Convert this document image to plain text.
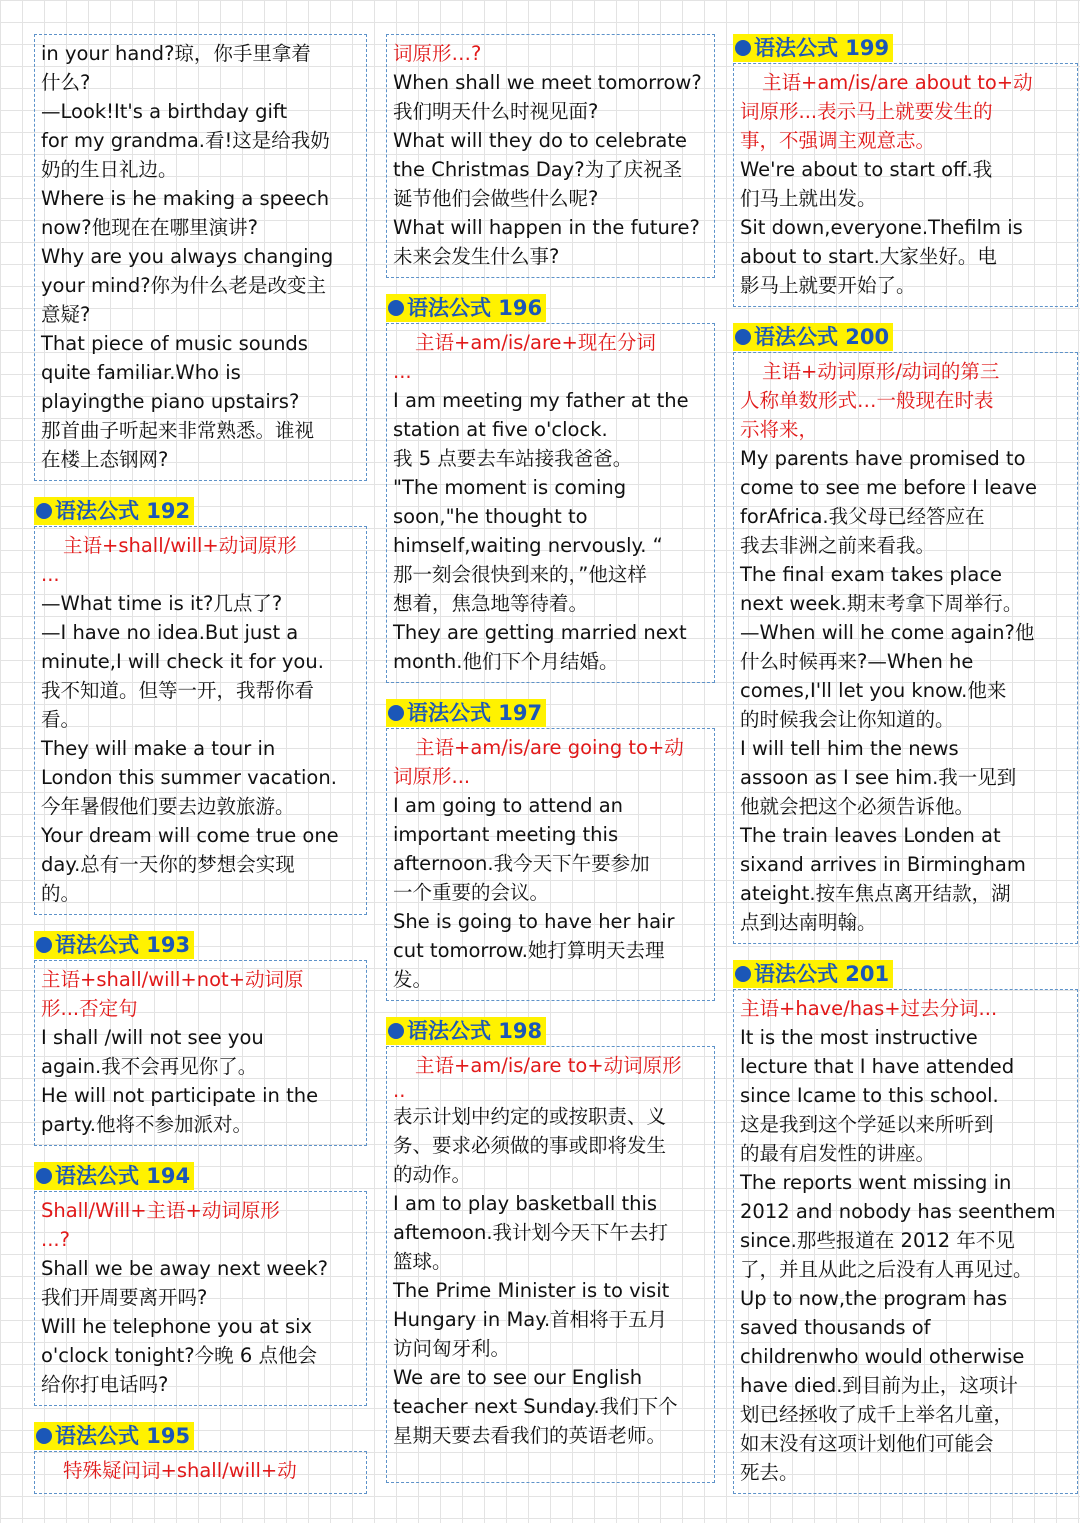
in your hand?琼，你手里拿着
什么?
—Look!It's a birthday gift
for my grandma.看!这是给我奶
奶的生日礼边。
Where is he making a speech
now?他现在在哪里演讲?
Why are you always changing
your mind?你为什么老是改变主
意疑?
That piece of music sounds
quite familiar.Who is
playingthe piano upstairs?
那首曲子听起来非常熟悉。谁视
在楼上态钢网?
语法公式 192
主语+shall/will+动词原形
...
—What time is it?几点了?
—I have no idea.But just a
minute,I will check it for you.
我不知道。但等一开，我帮你看
看。
They will make a tour in
London this summer vacation.
今年暑假他们要去边敦旅游。
Your dream will come true one
day.总有一天你的梦想会实现
的。
语法公式 193
主语+shall/will+not+动词原
形...否定句
I shall /will not see you
again.我不会再见你了。
He will not participate in the
party.他将不参加派对。
语法公式 194
Shall/Will+主语+动词原形
...?
Shall we be away next week?
我们开周要离开吗?
Will he telephone you at six
o'clock tonight?今晚 6 点他会
给你打电话吗?
语法公式 195
特殊疑问词+shall/will+动
词原形…?
When shall we meet tomorrow?
我们明天什么时视见面?
What will they do to celebrate
the Christmas Day?为了庆祝圣
诞节他们会做些什么呢?
What will happen in the future?
未来会发生什么事?
语法公式 196
主语+am/is/are+现在分词
...
I am meeting my father at the
station at five o'clock.
我 5 点要去车站接我爸爸。
"The moment is coming
soon,"he thought to
himself,waiting nervously. “
那一刻会很快到来的，”他这样
想着，焦急地等待着。
They are getting married next
month.他们下个月结婚。
语法公式 197
主语+am/is/are going to+动
词原形...
I am going to attend an
important meeting this
afternoon.我今天下午要参加
一个重要的会议。
She is going to have her hair
cut tomorrow.她打算明天去理
发。
语法公式 198
主语+am/is/are to+动词原形
..
表示计划中约定的或按职责、义
务、要求必须做的事或即将发生
的动作。
I am to play basketball this
aftemoon.我计划今天下午去打
篮球。
The Prime Minister is to visit
Hungary in May.首相将于五月
访问匈牙利。
We are to see our English
teacher next Sunday.我们下个
星期天要去看我们的英语老师。
语法公式 199
主语+am/is/are about to+动
词原形...表示马上就要发生的
事，不强调主观意志。
We're about to start off.我
们马上就出发。
Sit down,everyone.Thefilm is
about to start.大家坐好。电
影马上就要开始了。
语法公式 200
主语+动词原形/动词的第三
人称单数形式…一般现在时表
示将来，
My parents have promised to
come to see me before I leave
forAfrica.我父母已经答应在
我去非洲之前来看我。
The final exam takes place
next week.期末考拿下周举行。
—When will he come again?他
什么时候再来?—When he
comes,I'll let you know.他来
的时候我会让你知道的。
I will tell him the news
assoon as I see him.我一见到
他就会把这个必须告诉他。
The train leaves Londen at
sixand arrives in Birmingham
ateight.按车焦点离开结款，湖
点到达南明翰。
语法公式 201
主语+have/has+过去分词...
It is the most instructive
lecture that I have attended
since Icame to this school.
这是我到这个学延以来所听到
的最有启发性的讲座。
The reports went missing in
2012 and nobody has seenthem
since.那些报道在 2012 年不见
了，并且从此之后没有人再见过。
Up to now,the program has
saved thousands of
childrenwho would otherwise
have died.到目前为止，这项计
划已经拯收了成千上举名儿童，
如末没有这项计划他们可能会
死去。
